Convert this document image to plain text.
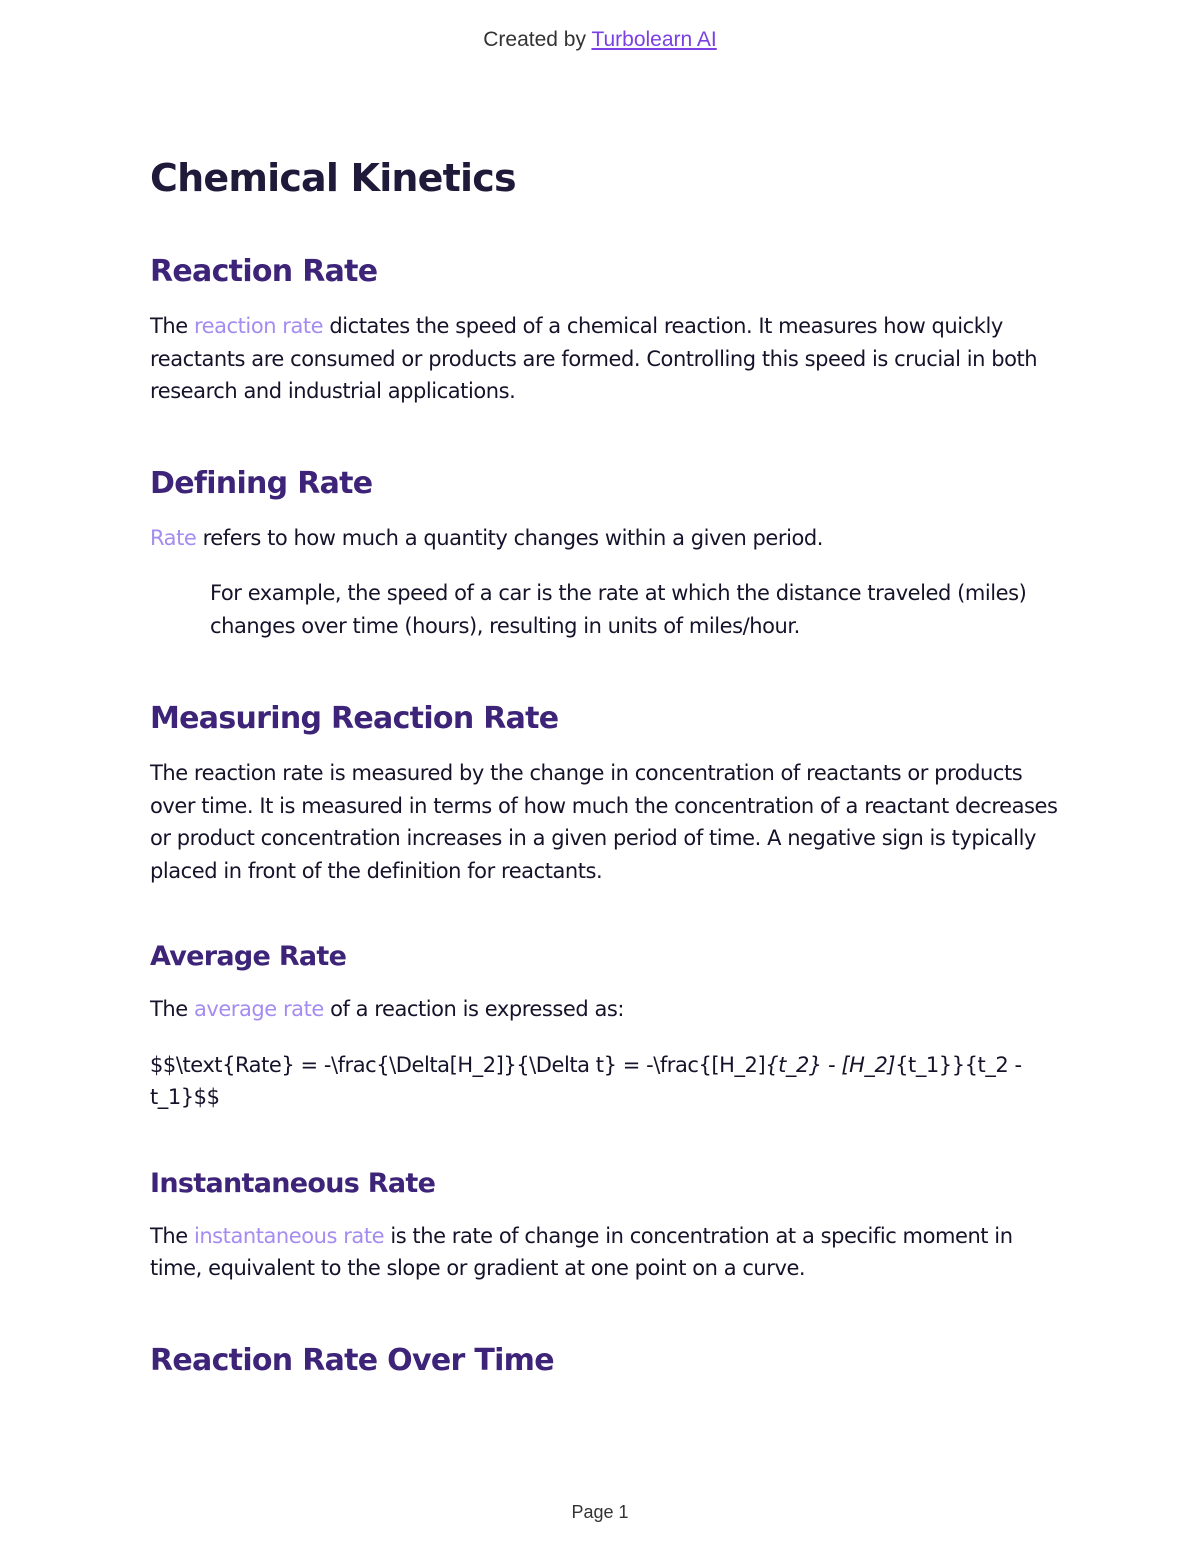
Created by Turbolearn AI
Chemical Kinetics
Reaction Rate

The reaction rate dictates the speed of a chemical reaction. It measures how quickly reactants are consumed or products are formed. Controlling this speed is crucial in both research and industrial applications.

Defining Rate

Rate refers to how much a quantity changes within a given period.

For example, the speed of a car is the rate at which the distance traveled (miles) changes over time (hours), resulting in units of miles/hour.

Measuring Reaction Rate

The reaction rate is measured by the change in concentration of reactants or products over time. It is measured in terms of how much the concentration of a reactant decreases or product concentration increases in a given period of time. A negative sign is typically placed in front of the definition for reactants.

Average Rate

The average rate of a reaction is expressed as:

$$\text{Rate} = -\frac{\Delta[H_2]}{\Delta t} = -\frac{[H_2]{t_2} - [H_2]{t_1}}{t_2 - t_1}$$

Instantaneous Rate

The instantaneous rate is the rate of change in concentration at a specific moment in time, equivalent to the slope or gradient at one point on a curve.

Reaction Rate Over Time
Page 1
